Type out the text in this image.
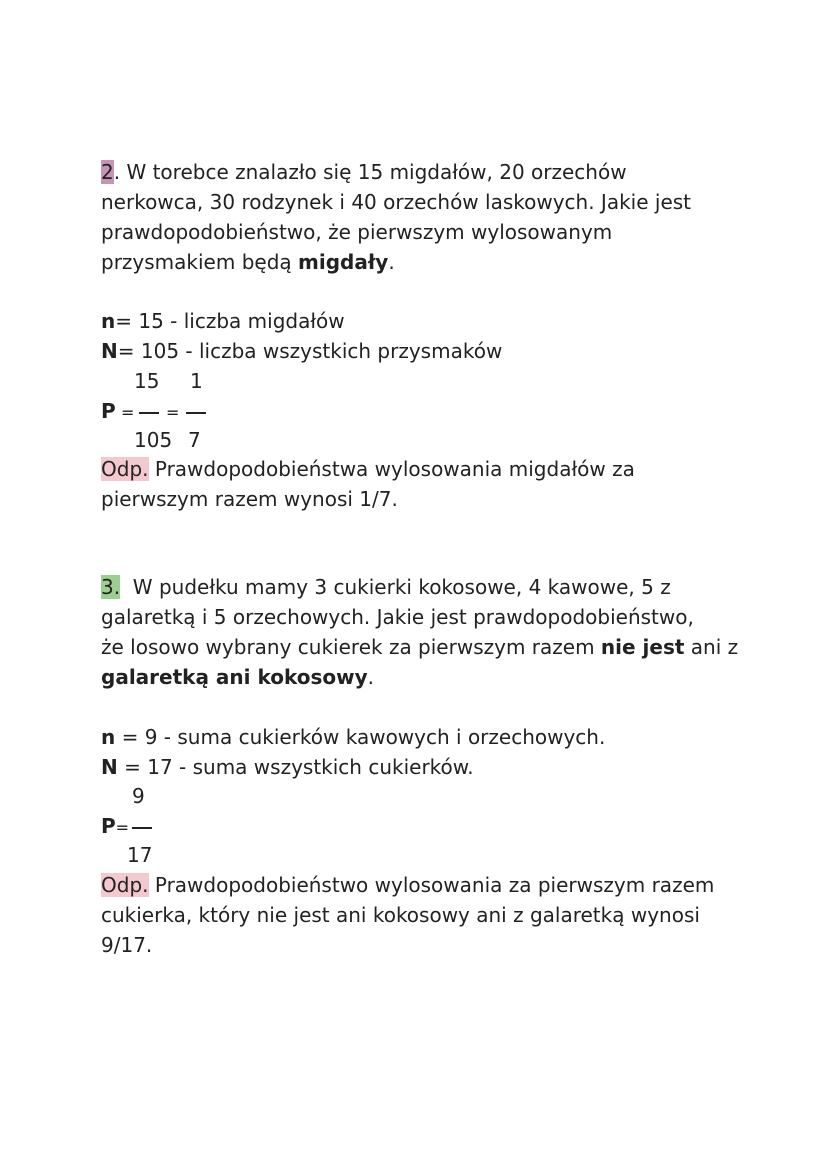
2. W torebce znalazło się 15 migdałów, 20 orzechów
nerkowca, 30 rodzynek i 40 orzechów laskowych. Jakie jest
prawdopodobieństwo, że pierwszym wylosowanym
przysmakiem będą migdały.
n= 15 - liczba migdałów
N= 105 - liczba wszystkich przysmaków
15 1
P = =
105 7
Odp. Prawdopodobieństwa wylosowania migdałów za
pierwszym razem wynosi 1/7.
3.  W pudełku mamy 3 cukierki kokosowe, 4 kawowe, 5 z
galaretką i 5 orzechowych. Jakie jest prawdopodobieństwo,
że losowo wybrany cukierek za pierwszym razem nie jest ani z
galaretką ani kokosowy.
n = 9 - suma cukierków kawowych i orzechowych.
N = 17 - suma wszystkich cukierków.
9
P=
17
Odp. Prawdopodobieństwo wylosowania za pierwszym razem
cukierka, który nie jest ani kokosowy ani z galaretką wynosi
9/17.
